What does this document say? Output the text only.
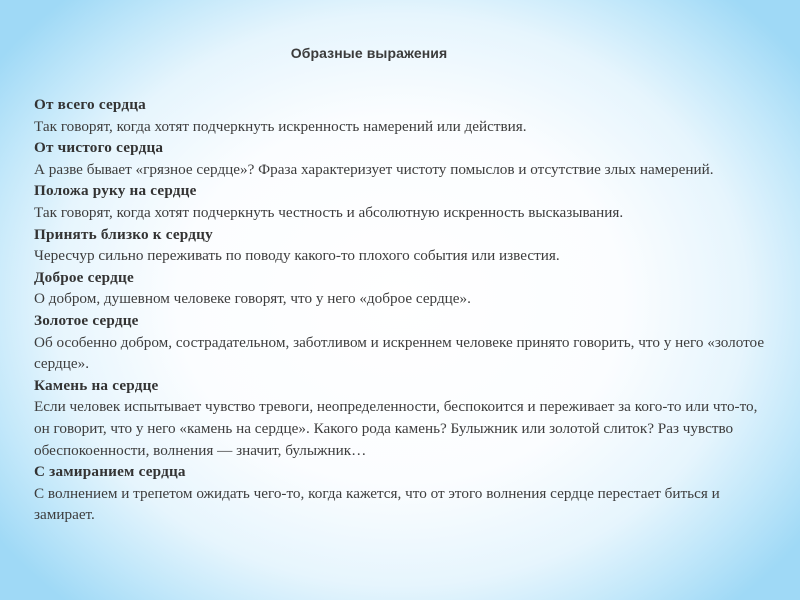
Образные выражения
От всего сердца
Так говорят, когда хотят подчеркнуть искренность намерений или действия.
От чистого сердца
А разве бывает «грязное сердце»? Фраза характеризует чистоту помыслов и отсутствие злых намерений.
Положа руку на сердце
Так говорят, когда хотят подчеркнуть честность и абсолютную искренность высказывания.
Принять близко к сердцу
Чересчур сильно переживать по поводу какого-то плохого события или известия.
Доброе сердце
О добром, душевном человеке говорят, что у него «доброе сердце».
Золотое сердце
Об особенно добром, сострадательном, заботливом и искреннем человеке принято говорить, что у него «золотое сердце».
Камень на сердце
Если человек испытывает чувство тревоги, неопределенности, беспокоится и переживает за кого-то или что-то, он говорит, что у него «камень на сердце». Какого рода камень? Булыжник или золотой слиток? Раз чувство обеспокоенности, волнения — значит, булыжник…
С замиранием сердца
С волнением и трепетом ожидать чего-то, когда кажется, что от этого волнения сердце перестает биться и замирает.
